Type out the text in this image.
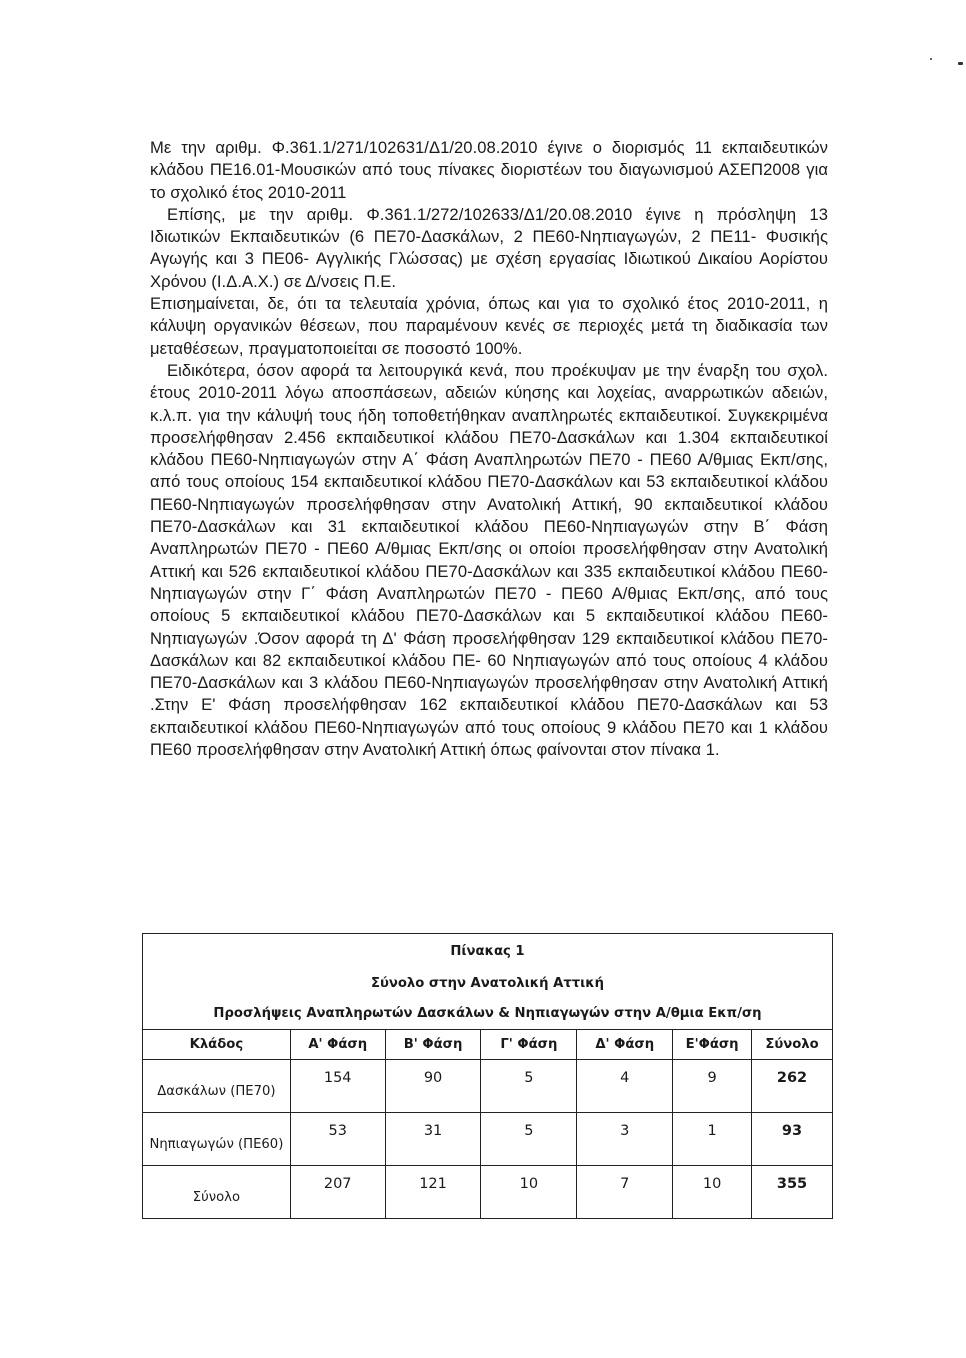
Με την αριθμ. Φ.361.1/271/102631/Δ1/20.08.2010 έγινε ο διορισμός 11 εκπαιδευτικών κλάδου ΠΕ16.01-Μουσικών από τους πίνακες διοριστέων του διαγωνισμού ΑΣΕΠ2008 για το σχολικό έτος 2010-2011

Επίσης, με την αριθμ. Φ.361.1/272/102633/Δ1/20.08.2010 έγινε η πρόσληψη 13 Ιδιωτικών Εκπαιδευτικών (6 ΠΕ70-Δασκάλων, 2 ΠΕ60-Νηπιαγωγών, 2 ΠΕ11- Φυσικής Αγωγής και 3 ΠΕ06- Αγγλικής Γλώσσας) με σχέση εργασίας Ιδιωτικού Δικαίου Αορίστου Χρόνου (Ι.Δ.Α.Χ.) σε Δ/νσεις Π.Ε.

Επισημαίνεται, δε, ότι τα τελευταία χρόνια, όπως και για το σχολικό έτος 2010-2011, η κάλυψη οργανικών θέσεων, που παραμένουν κενές σε περιοχές μετά τη διαδικασία των μεταθέσεων, πραγματοποιείται σε ποσοστό 100%.

Ειδικότερα, όσον αφορά τα λειτουργικά κενά, που προέκυψαν με την έναρξη του σχολ. έτους 2010-2011 λόγω αποσπάσεων, αδειών κύησης και λοχείας, αναρρωτικών αδειών, κ.λ.π. για την κάλυψή τους ήδη τοποθετήθηκαν αναπληρωτές εκπαιδευτικοί. Συγκεκριμένα προσελήφθησαν 2.456 εκπαιδευτικοί κλάδου ΠΕ70-Δασκάλων και 1.304 εκπαιδευτικοί κλάδου ΠΕ60-Νηπιαγωγών στην Α΄ Φάση Αναπληρωτών ΠΕ70 - ΠΕ60 Α/θμιας Εκπ/σης, από τους οποίους 154 εκπαιδευτικοί κλάδου ΠΕ70-Δασκάλων και 53 εκπαιδευτικοί κλάδου ΠΕ60-Νηπιαγωγών προσελήφθησαν στην Ανατολική Αττική, 90 εκπαιδευτικοί κλάδου ΠΕ70-Δασκάλων και 31 εκπαιδευτικοί κλάδου ΠΕ60-Νηπιαγωγών στην Β΄ Φάση Αναπληρωτών ΠΕ70 - ΠΕ60 Α/θμιας Εκπ/σης οι οποίοι προσελήφθησαν στην Ανατολική Αττική και 526 εκπαιδευτικοί κλάδου ΠΕ70-Δασκάλων και 335 εκπαιδευτικοί κλάδου ΠΕ60-Νηπιαγωγών στην Γ΄ Φάση Αναπληρωτών ΠΕ70 - ΠΕ60 Α/θμιας Εκπ/σης, από τους οποίους 5 εκπαιδευτικοί κλάδου ΠΕ70-Δασκάλων και 5 εκπαιδευτικοί κλάδου ΠΕ60-Νηπιαγωγών .Όσον αφορά τη Δ' Φάση προσελήφθησαν 129 εκπαιδευτικοί κλάδου ΠΕ70-Δασκάλων και 82 εκπαιδευτικοί κλάδου ΠΕ- 60 Νηπιαγωγών από τους οποίους 4 κλάδου ΠΕ70-Δασκάλων και 3 κλάδου ΠΕ60-Νηπιαγωγών προσελήφθησαν στην Ανατολική Αττική .Στην Ε' Φάση προσελήφθησαν 162 εκπαιδευτικοί κλάδου ΠΕ70-Δασκάλων και 53 εκπαιδευτικοί κλάδου ΠΕ60-Νηπιαγωγών από τους οποίους 9 κλάδου ΠΕ70 και 1 κλάδου ΠΕ60 προσελήφθησαν στην Ανατολική Αττική όπως φαίνονται στον πίνακα 1.

Πίνακας 1						
Σύνολο στην Ανατολική Αττική						
Προσλήψεις Αναπληρωτών Δασκάλων & Νηπιαγωγών στην Α/θμια Εκπ/ση						
Κλάδος	Α' Φάση	Β' Φάση	Γ' Φάση	Δ' Φάση	Ε'Φάση	Σύνολο
Δασκάλων (ΠΕ70)	154	90	5	4	9	262
Νηπιαγωγών (ΠΕ60)	53	31	5	3	1	93
Σύνολο	207	121	10	7	10	355
